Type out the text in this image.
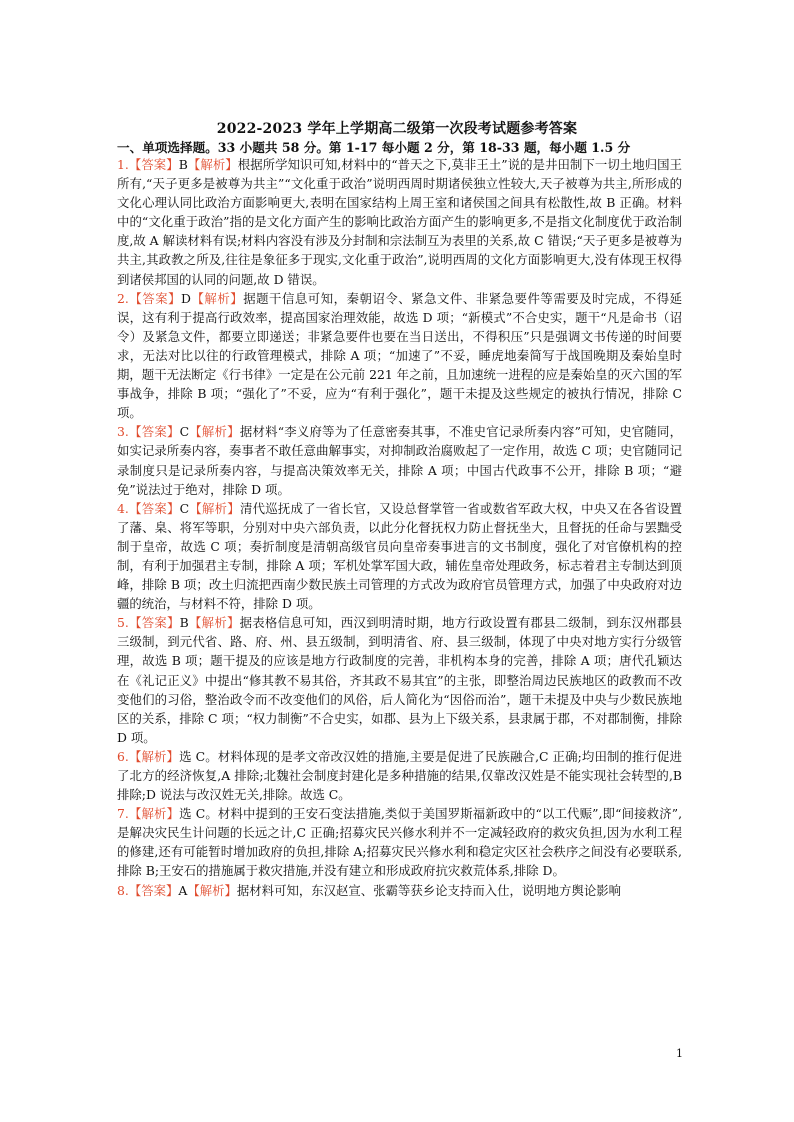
2022-2023 学年上学期高二级第一次段考试题参考答案
一、单项选择题。33 小题共 58 分。第 1-17 每小题 2 分，第 18-33 题，每小题 1.5 分

1.【答案】B【解析】根据所学知识可知,材料中的“普天之下,莫非王土”说的是井田制下一切土地归国王所有,“天子更多是被尊为共主”“文化重于政治”说明西周时期诸侯独立性较大,天子被尊为共主,所形成的文化心理认同比政治方面影响更大,表明在国家结构上周王室和诸侯国之间具有松散性,故 B 正确。材料中的“文化重于政治”指的是文化方面产生的影响比政治方面产生的影响更多,不是指文化制度优于政治制度,故 A 解读材料有误;材料内容没有涉及分封制和宗法制互为表里的关系,故 C 错误;“天子更多是被尊为共主,其政教之所及,往往是象征多于现实,文化重于政治”,说明西周的文化方面影响更大,没有体现王权得到诸侯邦国的认同的问题,故 D 错误。

2.【答案】D【解析】据题干信息可知，秦朝诏令、紧急文件、非紧急要件等需要及时完成，不得延误，这有利于提高行政效率，提高国家治理效能，故选 D 项；“新模式”不合史实，题干“凡是命书（诏令）及紧急文件，都要立即递送；非紧急要件也要在当日送出，不得积压”只是强调文书传递的时间要求，无法对比以往的行政管理模式，排除 A 项；“加速了”不妥，睡虎地秦简写于战国晚期及秦始皇时期，题干无法断定《行书律》一定是在公元前 221 年之前，且加速统一进程的应是秦始皇的灭六国的军事战争，排除 B 项；“强化了”不妥，应为“有利于强化”，题干未提及这些规定的被执行情况，排除 C 项。

3.【答案】C【解析】据材料“李义府等为了任意密奏其事，不准史官记录所奏内容”可知，史官随同，如实记录所奏内容，奏事者不敢任意曲解事实，对抑制政治腐败起了一定作用，故选 C 项；史官随同记录制度只是记录所奏内容，与提高决策效率无关，排除 A 项；中国古代政事不公开，排除 B 项；“避免”说法过于绝对，排除 D 项。

4.【答案】C【解析】清代巡抚成了一省长官，又设总督掌管一省或数省军政大权，中央又在各省设置了藩、臬、将军等职，分别对中央六部负责，以此分化督抚权力防止督抚坐大，且督抚的任命与罢黜受制于皇帝，故选 C 项；奏折制度是清朝高级官员向皇帝奏事进言的文书制度，强化了对官僚机构的控制，有利于加强君主专制，排除 A 项；军机处掌军国大政，辅佐皇帝处理政务，标志着君主专制达到顶峰，排除 B 项；改土归流把西南少数民族土司管理的方式改为政府官员管理方式，加强了中央政府对边疆的统治，与材料不符，排除 D 项。

5.【答案】B【解析】据表格信息可知，西汉到明清时期，地方行政设置有郡县二级制，到东汉州郡县三级制，到元代省、路、府、州、县五级制，到明清省、府、县三级制，体现了中央对地方实行分级管理，故选 B 项；题干提及的应该是地方行政制度的完善，非机构本身的完善，排除 A 项；唐代孔颖达在《礼记正义》中提出“修其教不易其俗，齐其政不易其宜”的主张，即整治周边民族地区的政教而不改变他们的习俗，整治政令而不改变他们的风俗，后人简化为“因俗而治”，题干未提及中央与少数民族地区的关系，排除 C 项；“权力制衡”不合史实，如郡、县为上下级关系，县隶属于郡，不对郡制衡，排除 D 项。

6.【解析】选 C。材料体现的是孝文帝改汉姓的措施,主要是促进了民族融合,C 正确;均田制的推行促进了北方的经济恢复,A 排除;北魏社会制度封建化是多种措施的结果,仅靠改汉姓是不能实现社会转型的,B 排除;D 说法与改汉姓无关,排除。故选 C。

7.【解析】选 C。材料中提到的王安石变法措施,类似于美国罗斯福新政中的“以工代赈”,即“间接救济”,是解决灾民生计问题的长远之计,C 正确;招募灾民兴修水利并不一定减轻政府的救灾负担,因为水利工程的修建,还有可能暂时增加政府的负担,排除 A;招募灾民兴修水利和稳定灾区社会秩序之间没有必要联系,排除 B;王安石的措施属于救灾措施,并没有建立和形成政府抗灾救荒体系,排除 D。

8.【答案】A【解析】据材料可知，东汉赵宣、张霸等获乡论支持而入仕，说明地方舆论影响

1
